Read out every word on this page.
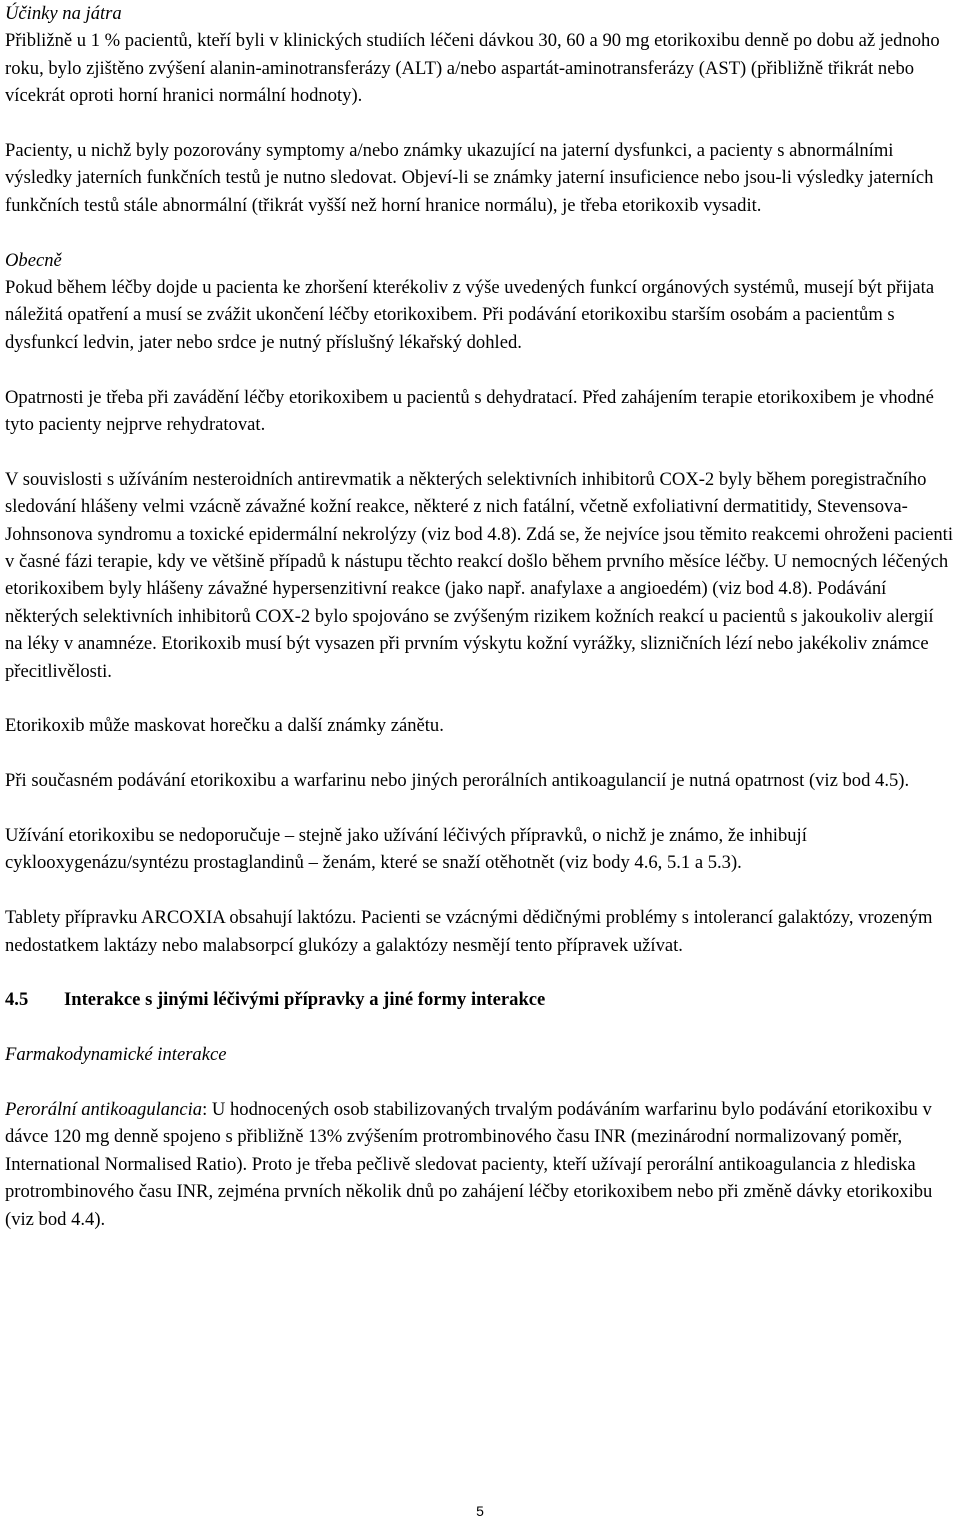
Účinky na játra

Přibližně u 1 % pacientů, kteří byli v klinických studiích léčeni dávkou 30, 60 a 90 mg etorikoxibu denně po dobu až jednoho roku, bylo zjištěno zvýšení alanin-aminotransferázy (ALT) a/nebo aspartát-aminotransferázy (AST) (přibližně třikrát nebo vícekrát oproti horní hranici normální hodnoty).

Pacienty, u nichž byly pozorovány symptomy a/nebo známky ukazující na jaterní dysfunkci, a pacienty s abnormálními výsledky jaterních funkčních testů je nutno sledovat. Objeví-li se známky jaterní insuficience nebo jsou-li výsledky jaterních funkčních testů stále abnormální (třikrát vyšší než horní hranice normálu), je třeba etorikoxib vysadit.

Obecně

Pokud během léčby dojde u pacienta ke zhoršení kterékoliv z výše uvedených funkcí orgánových systémů, musejí být přijata náležitá opatření a musí se zvážit ukončení léčby etorikoxibem. Při podávání etorikoxibu starším osobám a pacientům s dysfunkcí ledvin, jater nebo srdce je nutný příslušný lékařský dohled.

Opatrnosti je třeba při zavádění léčby etorikoxibem u pacientů s dehydratací. Před zahájením terapie etorikoxibem je vhodné tyto pacienty nejprve rehydratovat.

V souvislosti s užíváním nesteroidních antirevmatik a některých selektivních inhibitorů COX-2 byly během poregistračního sledování hlášeny velmi vzácně závažné kožní reakce, některé z nich fatální, včetně exfoliativní dermatitidy, Stevensova-Johnsonova syndromu a toxické epidermální nekrolýzy (viz bod 4.8). Zdá se, že nejvíce jsou těmito reakcemi ohroženi pacienti v časné fázi terapie, kdy ve většině případů k nástupu těchto reakcí došlo během prvního měsíce léčby. U nemocných léčených etorikoxibem byly hlášeny závažné hypersenzitivní reakce (jako např. anafylaxe a angioedém) (viz bod 4.8). Podávání některých selektivních inhibitorů COX-2 bylo spojováno se zvýšeným rizikem kožních reakcí u pacientů s jakoukoliv alergií na léky v anamnéze. Etorikoxib musí být vysazen při prvním výskytu kožní vyrážky, slizničních lézí nebo jakékoliv známce přecitlivělosti.

Etorikoxib může maskovat horečku a další známky zánětu.

Při současném podávání etorikoxibu a warfarinu nebo jiných perorálních antikoagulancií je nutná opatrnost (viz bod 4.5).

Užívání etorikoxibu se nedoporučuje – stejně jako užívání léčivých přípravků, o nichž je známo, že inhibují cyklooxygenázu/syntézu prostaglandinů – ženám, které se snaží otěhotnět (viz body 4.6, 5.1 a 5.3).

Tablety přípravku ARCOXIA obsahují laktózu. Pacienti se vzácnými dědičnými problémy s intolerancí galaktózy, vrozeným nedostatkem laktázy nebo malabsorpcí glukózy a galaktózy nesmějí tento přípravek užívat.

4.5	Interakce s jinými léčivými přípravky a jiné formy interakce

Farmakodynamické interakce

Perorální antikoagulancia: U hodnocených osob stabilizovaných trvalým podáváním warfarinu bylo podávání etorikoxibu v dávce 120 mg denně spojeno s přibližně 13% zvýšením protrombinového času INR (mezinárodní normalizovaný poměr, International Normalised Ratio). Proto je třeba pečlivě sledovat pacienty, kteří užívají perorální antikoagulancia z hlediska protrombinového času INR, zejména prvních několik dnů po zahájení léčby etorikoxibem nebo při změně dávky etorikoxibu (viz bod 4.4).

5
